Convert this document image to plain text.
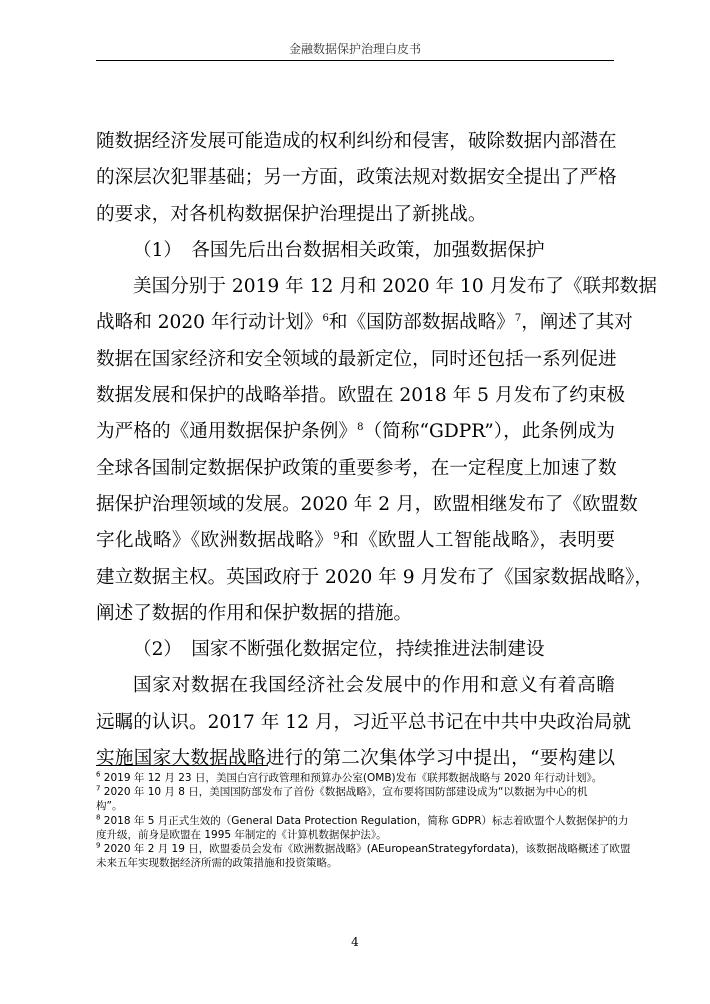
金融数据保护治理白皮书
随数据经济发展可能造成的权利纠纷和侵害，破除数据内部潜在
的深层次犯罪基础；另一方面，政策法规对数据安全提出了严格
的要求，对各机构数据保护治理提出了新挑战。
（1）　各国先后出台数据相关政策，加强数据保护
美国分别于 2019 年 12 月和 2020 年 10 月发布了《联邦数据
战略和 2020 年行动计划》$^6$和《国防部数据战略》$^7$，阐述了其对
数据在国家经济和安全领域的最新定位，同时还包括一系列促进
数据发展和保护的战略举措。欧盟在 2018 年 5 月发布了约束极
为严格的《通用数据保护条例》$^8$（简称“GDPR”），此条例成为
全球各国制定数据保护政策的重要参考，在一定程度上加速了数
据保护治理领域的发展。2020 年 2 月，欧盟相继发布了《欧盟数
字化战略》《欧洲数据战略》$^9$和《欧盟人工智能战略》，表明要
建立数据主权。英国政府于 2020 年 9 月发布了《国家数据战略》，
阐述了数据的作用和保护数据的措施。
（2）　国家不断强化数据定位，持续推进法制建设
国家对数据在我国经济社会发展中的作用和意义有着高瞻
远瞩的认识。2017 年 12 月，习近平总书记在中共中央政治局就
实施国家大数据战略进行的第二次集体学习中提出，“要构建以
$^6$ 2019 年 12 月 23 日，美国白宫行政管理和预算办公室(OMB)发布《联邦数据战略与 2020 年行动计划》。
$^7$ 2020 年 10 月 8 日，美国国防部发布了首份《数据战略》，宣布要将国防部建设成为“以数据为中心的机
构”。
$^8$ 2018 年 5 月正式生效的（General Data Protection Regulation，简称 GDPR）标志着欧盟个人数据保护的力
度升级，前身是欧盟在 1995 年制定的《计算机数据保护法》。
$^9$ 2020 年 2 月 19 日，欧盟委员会发布《欧洲数据战略》(AEuropeanStrategyfordata)，该数据战略概述了欧盟
未来五年实现数据经济所需的政策措施和投资策略。
4
